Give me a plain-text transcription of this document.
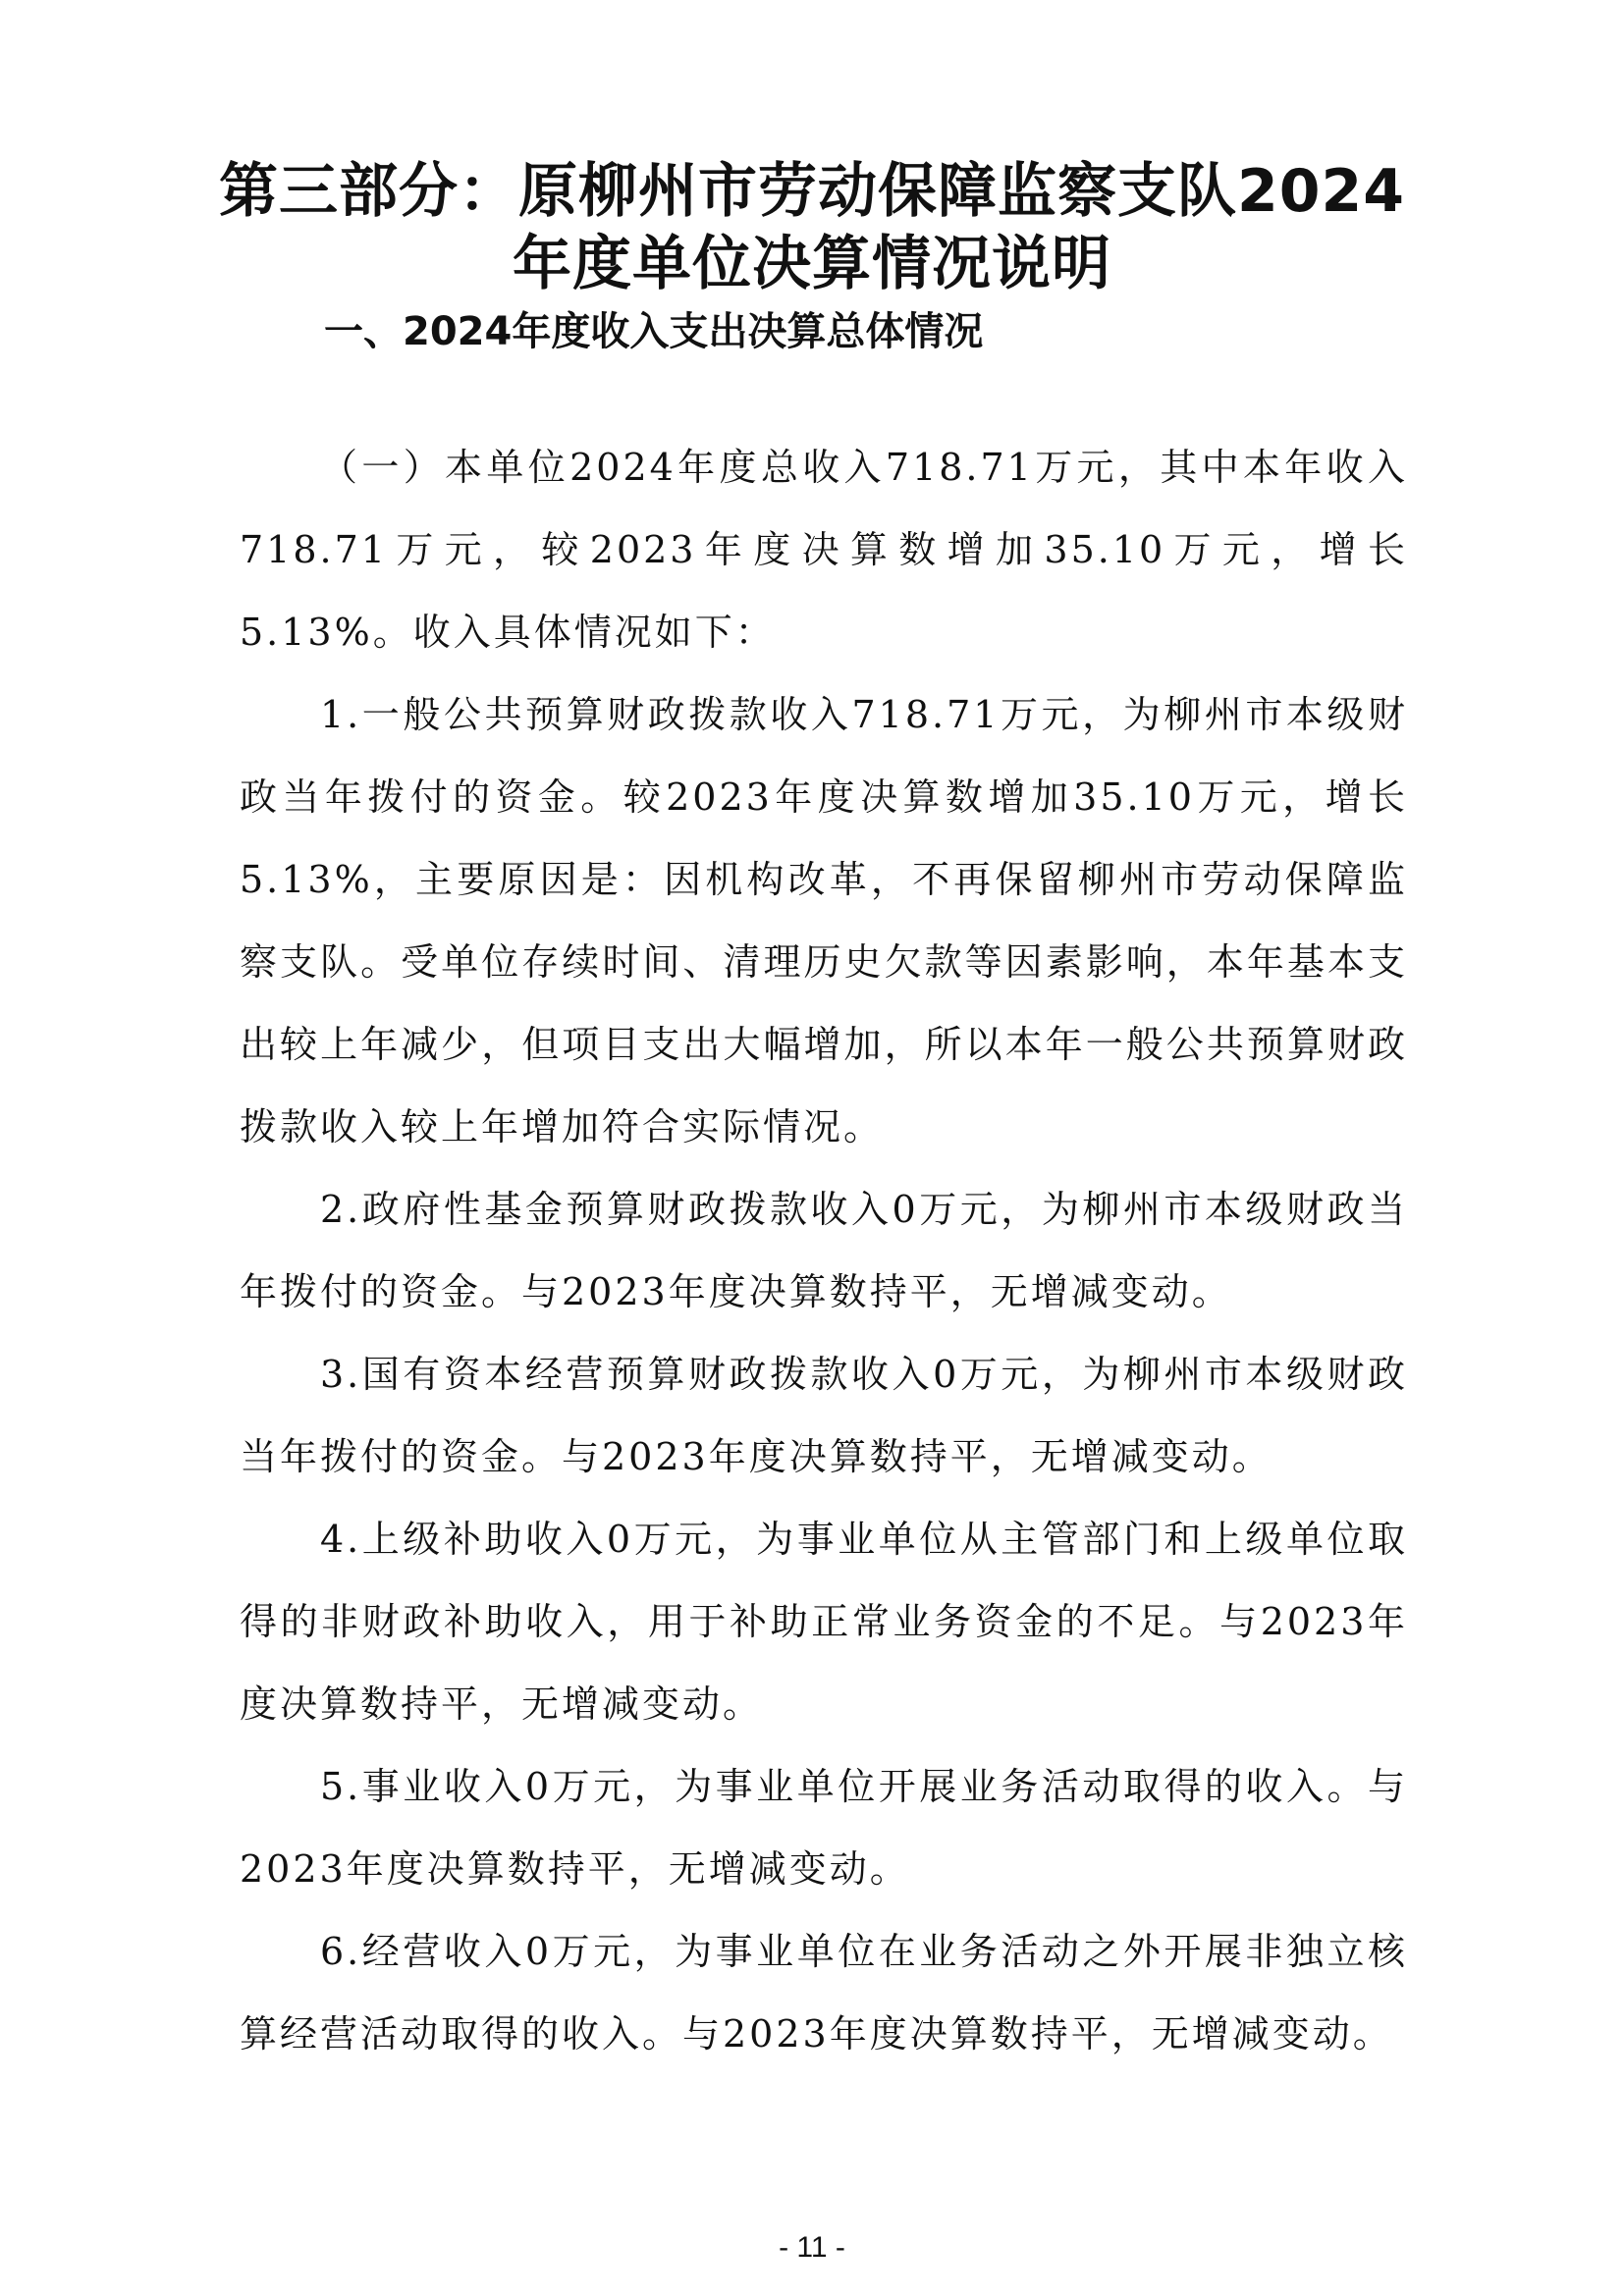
第三部分：原柳州市劳动保障监察支队2024
年度单位决算情况说明
一、2024年度收入支出决算总体情况

（一）本单位2024年度总收入718.71万元，其中本年收入718.71万元，较2023年度决算数增加35.10万元，增长5.13%。收入具体情况如下：

1.一般公共预算财政拨款收入718.71万元，为柳州市本级财政当年拨付的资金。较2023年度决算数增加35.10万元，增长5.13%，主要原因是：因机构改革，不再保留柳州市劳动保障监察支队。受单位存续时间、清理历史欠款等因素影响，本年基本支出较上年减少，但项目支出大幅增加，所以本年一般公共预算财政拨款收入较上年增加符合实际情况。

2.政府性基金预算财政拨款收入0万元，为柳州市本级财政当年拨付的资金。与2023年度决算数持平，无增减变动。

3.国有资本经营预算财政拨款收入0万元，为柳州市本级财政当年拨付的资金。与2023年度决算数持平，无增减变动。

4.上级补助收入0万元，为事业单位从主管部门和上级单位取得的非财政补助收入，用于补助正常业务资金的不足。与2023年度决算数持平，无增减变动。

5.事业收入0万元，为事业单位开展业务活动取得的收入。与2023年度决算数持平，无增减变动。

6.经营收入0万元，为事业单位在业务活动之外开展非独立核算经营活动取得的收入。与2023年度决算数持平，无增减变动。

- 11 -
